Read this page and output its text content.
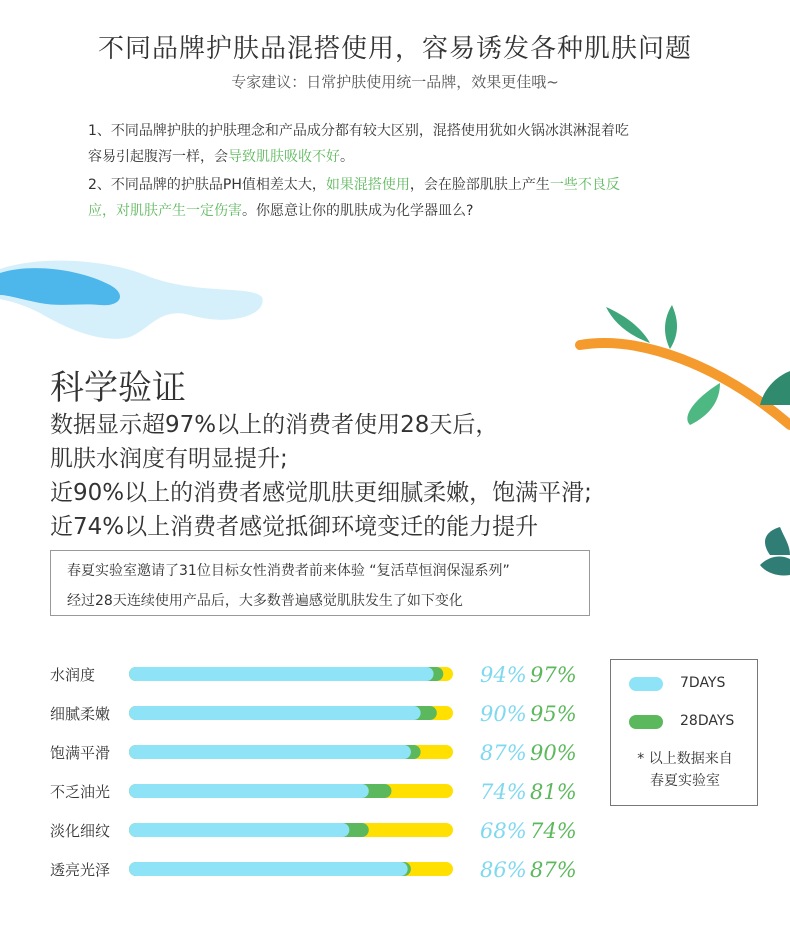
不同品牌护肤品混搭使用，容易诱发各种肌肤问题
专家建议：日常护肤使用统一品牌，效果更佳哦~
1、不同品牌护肤的护肤理念和产品成分都有较大区别，混搭使用犹如火锅冰淇淋混着吃
容易引起腹泻一样，会导致肌肤吸收不好。
2、不同品牌的护肤品PH值相差太大，如果混搭使用，会在脸部肌肤上产生一些不良反
应，对肌肤产生一定伤害。你愿意让你的肌肤成为化学器皿么?
科学验证
数据显示超97%以上的消费者使用28天后，
肌肤水润度有明显提升;
近90%以上的消费者感觉肌肤更细腻柔嫩，饱满平滑;
近74%以上消费者感觉抵御环境变迁的能力提升
春夏实验室邀请了31位目标女性消费者前来体验 “复活草恒润保湿系列”
经过28天连续使用产品后，大多数普遍感觉肌肤发生了如下变化
水润度	94% 97%
细腻柔嫩	90% 95%
饱满平滑	87% 90%
不乏油光	74% 81%
淡化细纹	68% 74%
透亮光泽	86% 87%
7DAYS
28DAYS
* 以上数据来自
春夏实验室
